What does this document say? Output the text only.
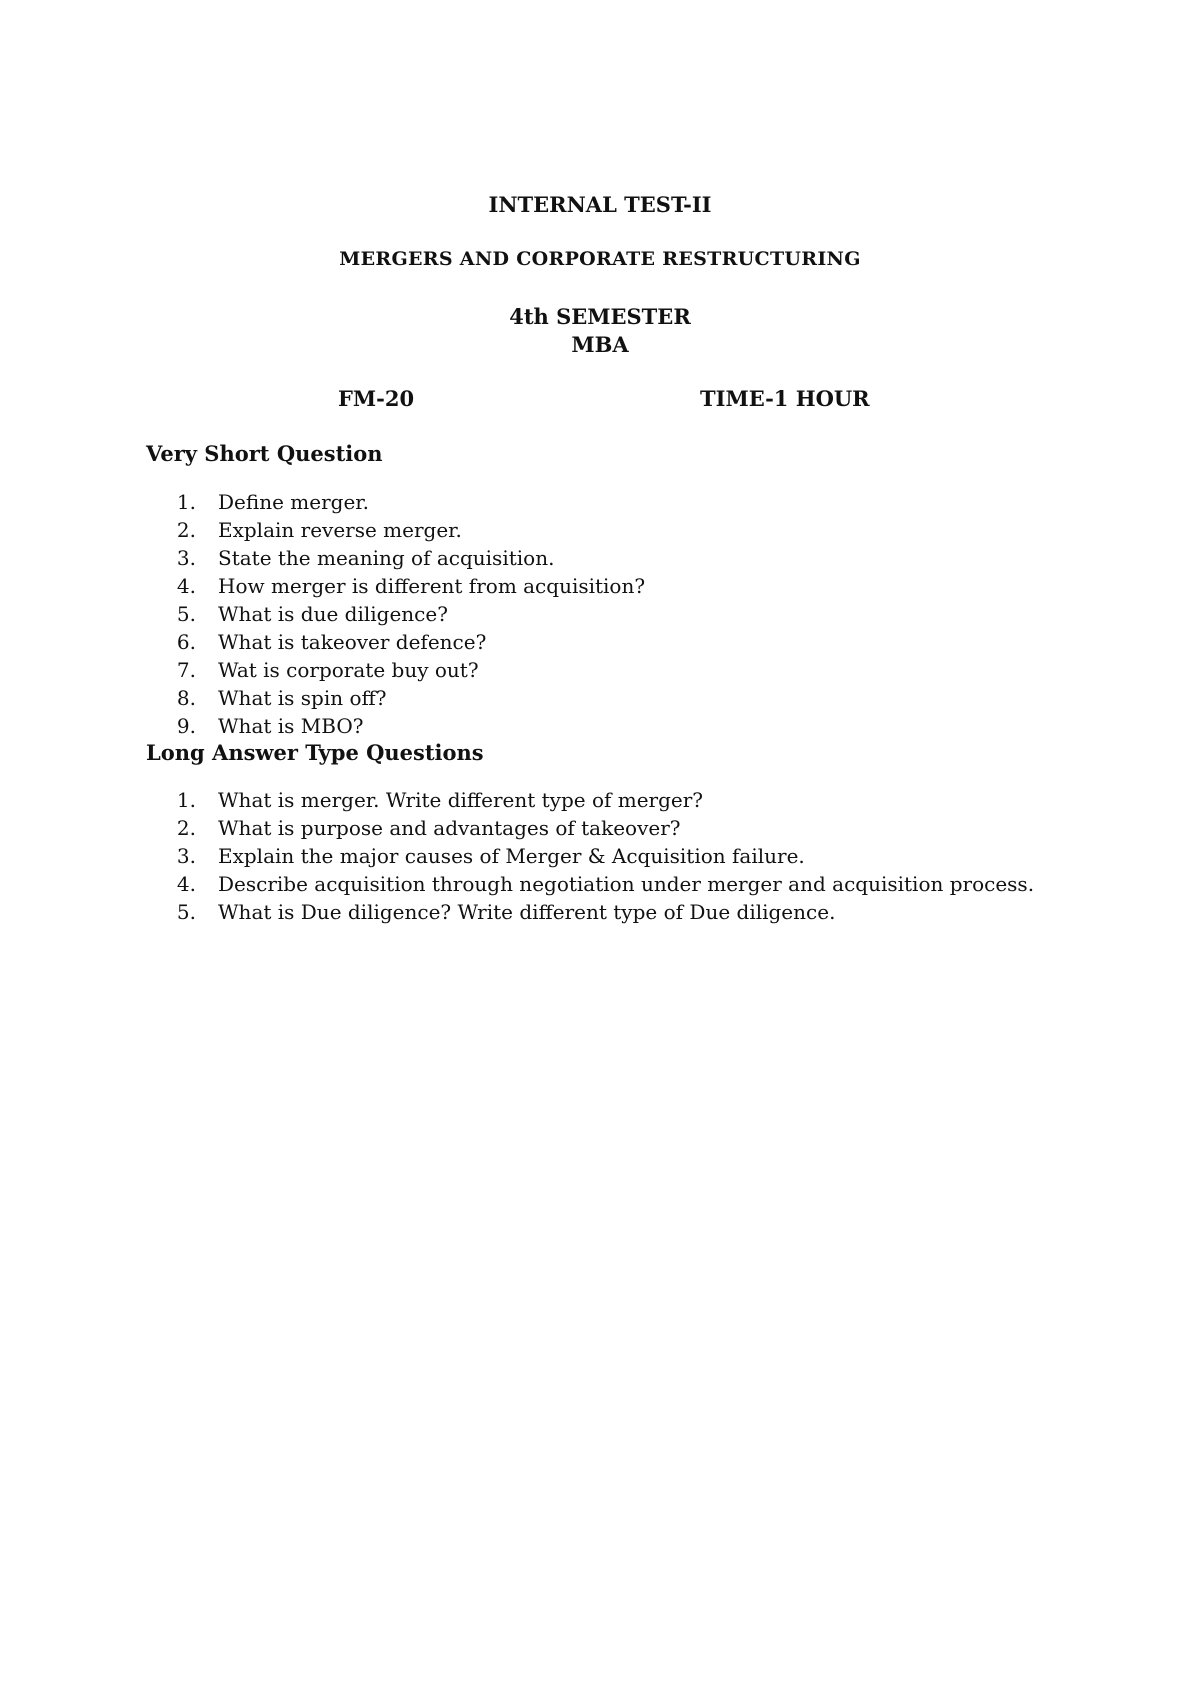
INTERNAL TEST-II
MERGERS AND CORPORATE RESTRUCTURING
4th SEMESTER
MBA
FM-20	TIME-1 HOUR
Very Short Question
1.	Define merger.
2.	Explain reverse merger.
3.	State the meaning of acquisition.
4.	How merger is different from acquisition?
5.	What is due diligence?
6.	What is takeover defence?
7.	Wat is corporate buy out?
8.	What is spin off?
9.	What is MBO?
Long Answer Type Questions
1.	What is merger. Write different type of merger?
2.	What is purpose and advantages of takeover?
3.	Explain the major causes of Merger & Acquisition failure.
4.	Describe acquisition through negotiation under merger and acquisition process.
5.	What is Due diligence? Write different type of Due diligence.
